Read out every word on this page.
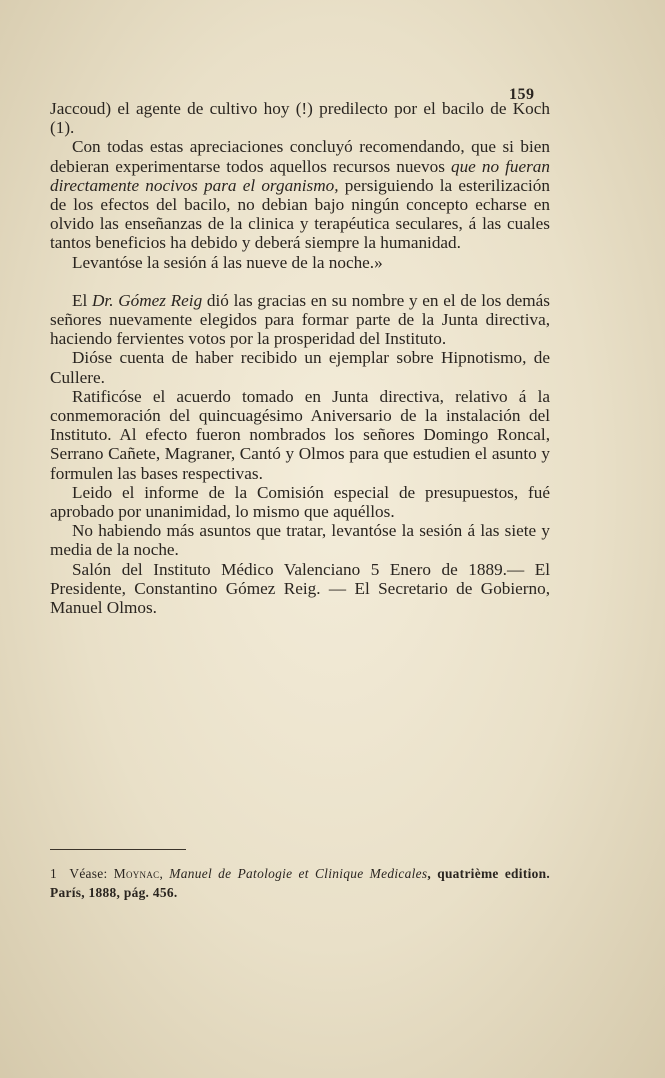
159

Jaccoud) el agente de cultivo hoy (!) predilecto por el bacilo de Koch (1).

Con todas estas apreciaciones concluyó recomendando, que si bien debieran experimentarse todos aquellos recursos nuevos que no fueran directamente nocivos para el organismo, persiguiendo la esterilización de los efectos del bacilo, no debian bajo ningún concepto echarse en olvido las enseñanzas de la clinica y terapéutica seculares, á las cuales tantos beneficios ha debido y deberá siempre la humanidad.

Levantóse la sesión á las nueve de la noche.»

El Dr. Gómez Reig dió las gracias en su nombre y en el de los demás señores nuevamente elegidos para formar parte de la Junta directiva, haciendo fervientes votos por la prosperidad del Instituto.

Dióse cuenta de haber recibido un ejemplar sobre Hipnotismo, de Cullere.

Ratificóse el acuerdo tomado en Junta directiva, relativo á la conmemoración del quincuagésimo Aniversario de la instalación del Instituto. Al efecto fueron nombrados los señores Domingo Roncal, Serrano Cañete, Magraner, Cantó y Olmos para que estudien el asunto y formulen las bases respectivas.

Leido el informe de la Comisión especial de presupuestos, fué aprobado por unanimidad, lo mismo que aquéllos.

No habiendo más asuntos que tratar, levantóse la sesión á las siete y media de la noche.

Salón del Instituto Médico Valenciano 5 Enero de 1889.— El Presidente, Constantino Gómez Reig. — El Secretario de Gobierno, Manuel Olmos.

1 Véase: Moynac, Manuel de Patologie et Clinique Medicales, quatrième edition. París, 1888, pág. 456.
